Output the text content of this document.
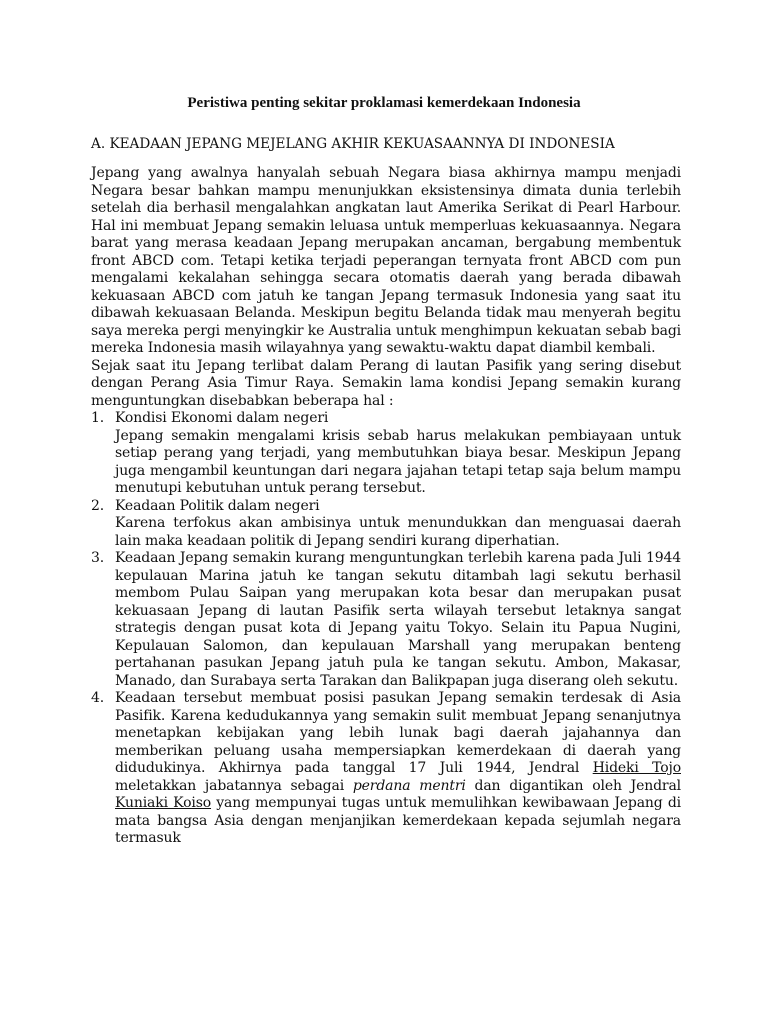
Peristiwa penting sekitar proklamasi kemerdekaan Indonesia
A. KEADAAN JEPANG MEJELANG AKHIR KEKUASAANNYA DI INDONESIA

Jepang yang awalnya hanyalah sebuah Negara biasa akhirnya mampu menjadi Negara besar bahkan mampu menunjukkan eksistensinya dimata dunia terlebih setelah dia berhasil mengalahkan angkatan laut Amerika Serikat di Pearl Harbour. Hal ini membuat Jepang semakin leluasa untuk memperluas kekuasaannya. Negara barat yang merasa keadaan Jepang merupakan ancaman, bergabung membentuk front ABCD com. Tetapi ketika terjadi peperangan ternyata front ABCD com pun mengalami kekalahan sehingga secara otomatis daerah yang berada dibawah kekuasaan ABCD com jatuh ke tangan Jepang termasuk Indonesia yang saat itu dibawah kekuasaan Belanda. Meskipun begitu Belanda tidak mau menyerah begitu saya mereka pergi menyingkir ke Australia untuk menghimpun kekuatan sebab bagi mereka Indonesia masih wilayahnya yang sewaktu-waktu dapat diambil kembali.

Sejak saat itu Jepang terlibat dalam Perang di lautan Pasifik yang sering disebut dengan Perang Asia Timur Raya. Semakin lama kondisi Jepang semakin kurang menguntungkan disebabkan beberapa hal :

1. Kondisi Ekonomi dalam negeri
Jepang semakin mengalami krisis sebab harus melakukan pembiayaan untuk setiap perang yang terjadi, yang membutuhkan biaya besar. Meskipun Jepang juga mengambil keuntungan dari negara jajahan tetapi tetap saja belum mampu menutupi kebutuhan untuk perang tersebut.
2. Keadaan Politik dalam negeri
Karena terfokus akan ambisinya untuk menundukkan dan menguasai daerah lain maka keadaan politik di Jepang sendiri kurang diperhatian.
3. Keadaan Jepang semakin kurang menguntungkan terlebih karena pada Juli 1944 kepulauan Marina jatuh ke tangan sekutu ditambah lagi sekutu berhasil membom Pulau Saipan yang merupakan kota besar dan merupakan pusat kekuasaan Jepang di lautan Pasifik serta wilayah tersebut letaknya sangat strategis dengan pusat kota di Jepang yaitu Tokyo. Selain itu Papua Nugini, Kepulauan Salomon, dan kepulauan Marshall yang merupakan benteng pertahanan pasukan Jepang jatuh pula ke tangan sekutu. Ambon, Makasar, Manado, dan Surabaya serta Tarakan dan Balikpapan juga diserang oleh sekutu.
4. Keadaan tersebut membuat posisi pasukan Jepang semakin terdesak di Asia Pasifik. Karena kedudukannya yang semakin sulit membuat Jepang senanjutnya menetapkan kebijakan yang lebih lunak bagi daerah jajahannya dan memberikan peluang usaha mempersiapkan kemerdekaan di daerah yang didudukinya. Akhirnya pada tanggal 17 Juli 1944, Jendral Hideki Tojo meletakkan jabatannya sebagai perdana mentri dan digantikan oleh Jendral Kuniaki Koiso yang mempunyai tugas untuk memulihkan kewibawaan Jepang di mata bangsa Asia dengan menjanjikan kemerdekaan kepada sejumlah negara termasuk
